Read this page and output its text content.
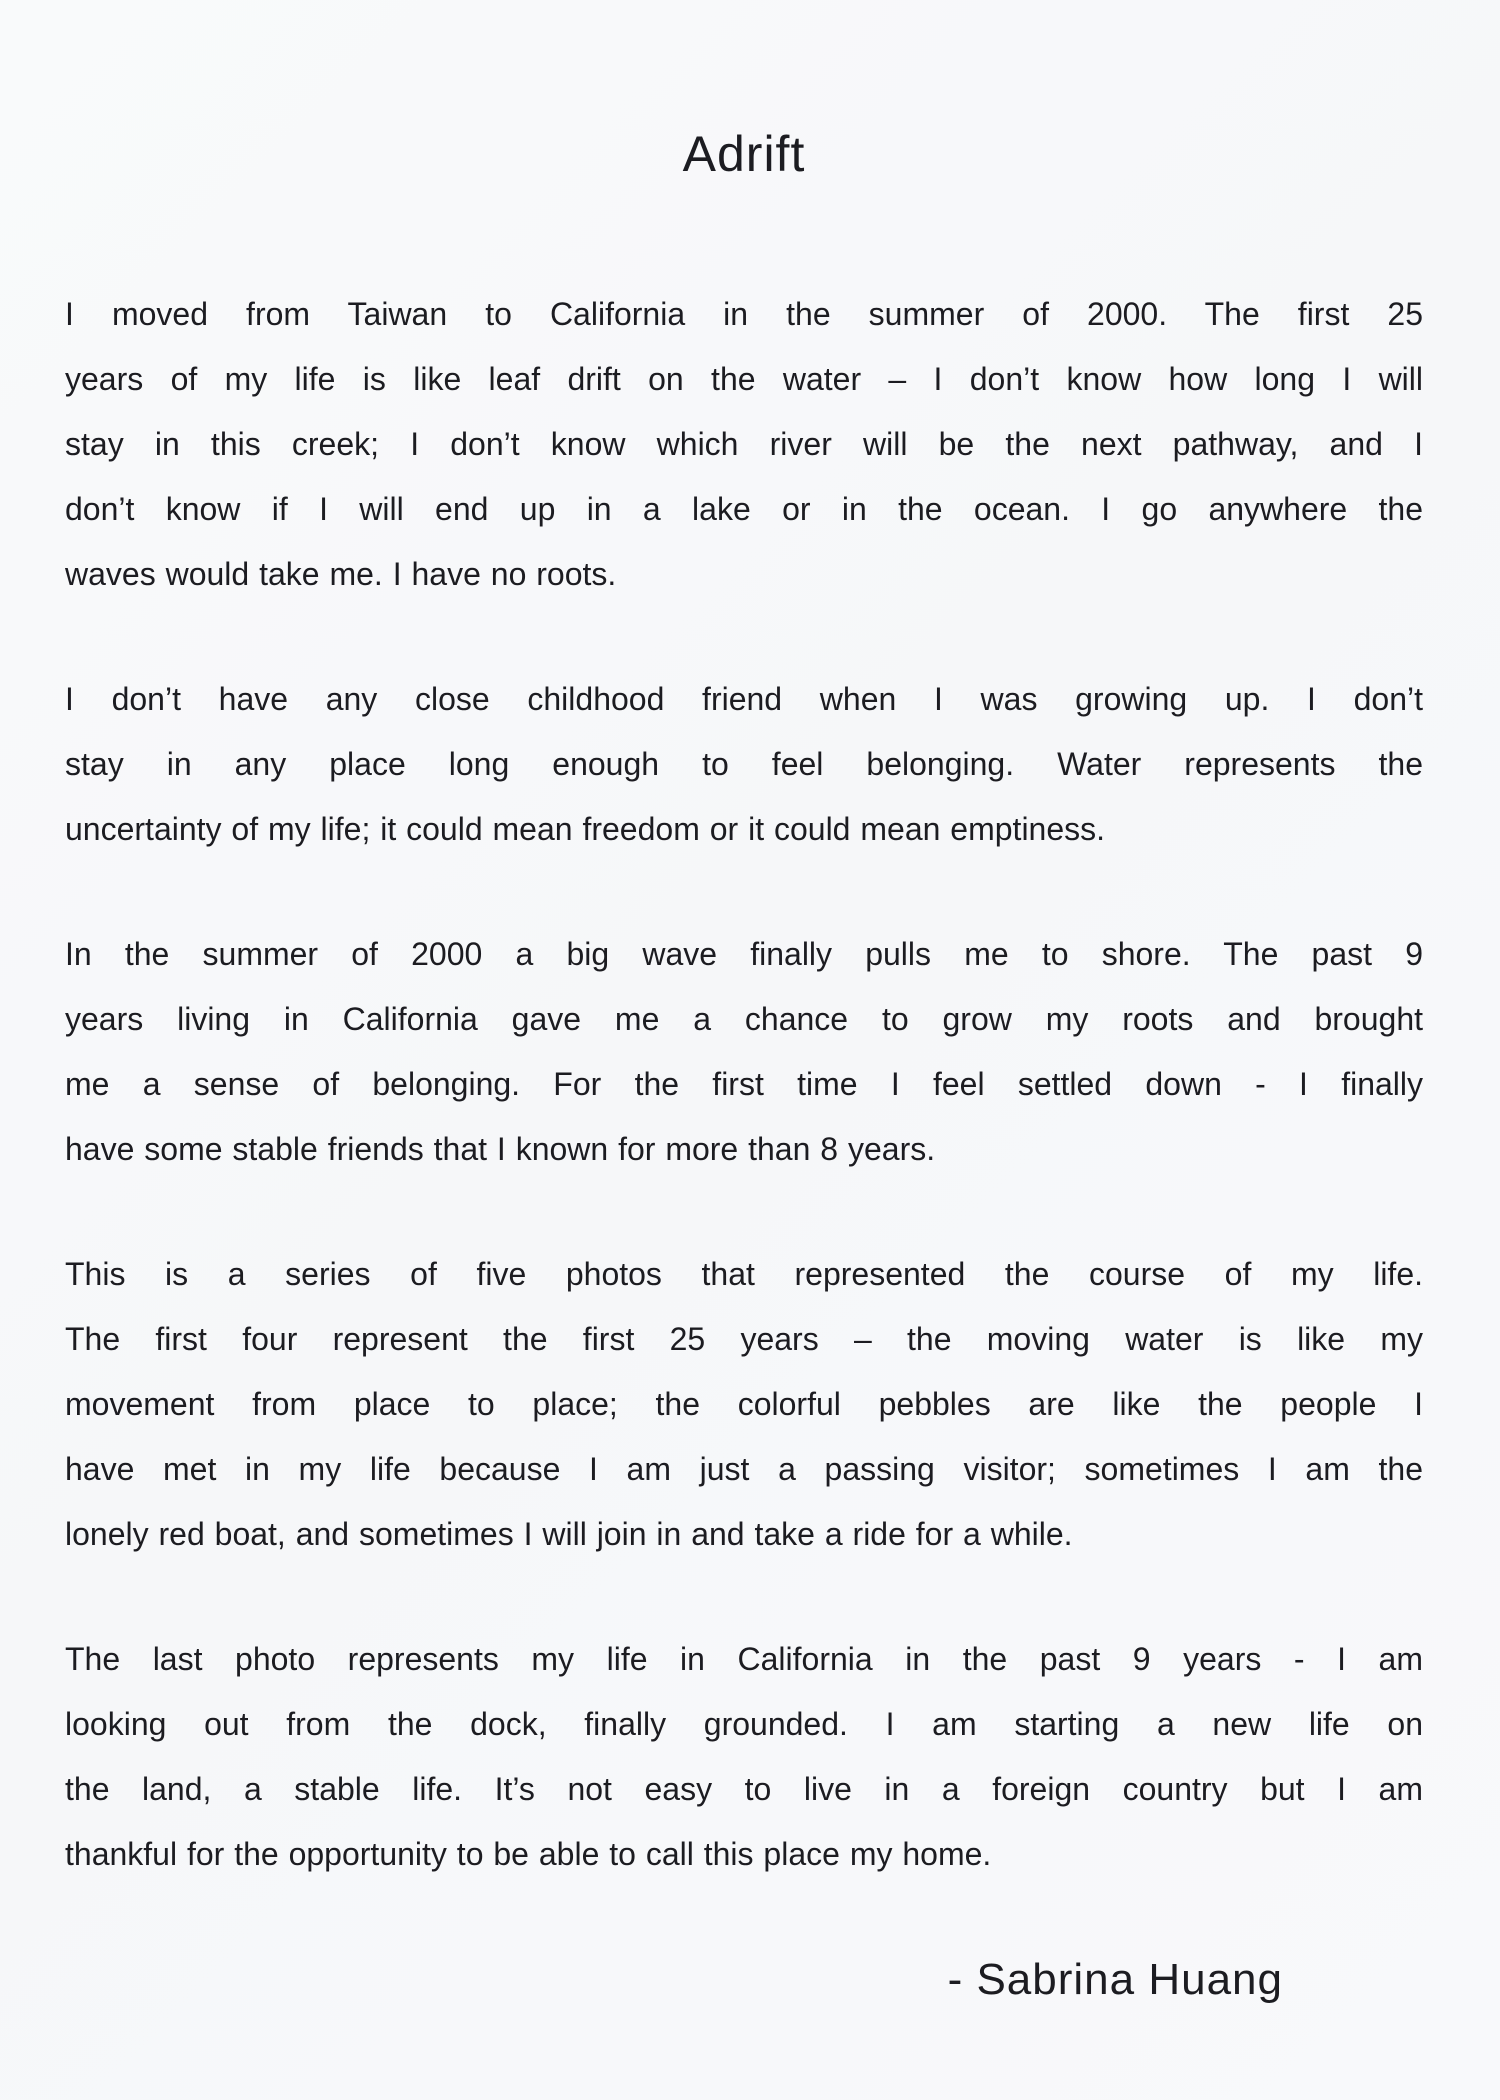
Adrift
I moved from Taiwan to California in the summer of 2000. The first 25
years of my life is like leaf drift on the water – I don’t know how long I will
stay in this creek; I don’t know which river will be the next pathway, and I
don’t know if I will end up in a lake or in the ocean. I go anywhere the
waves would take me. I have no roots.
I don’t have any close childhood friend when I was growing up. I don’t
stay in any place long enough to feel belonging. Water represents the
uncertainty of my life; it could mean freedom or it could mean emptiness.
In the summer of 2000 a big wave finally pulls me to shore. The past 9
years living in California gave me a chance to grow my roots and brought
me a sense of belonging. For the first time I feel settled down - I finally
have some stable friends that I known for more than 8 years.
This is a series of five photos that represented the course of my life.
The first four represent the first 25 years – the moving water is like my
movement from place to place; the colorful pebbles are like the people I
have met in my life because I am just a passing visitor; sometimes I am the
lonely red boat, and sometimes I will join in and take a ride for a while.
The last photo represents my life in California in the past 9 years - I am
looking out from the dock, finally grounded. I am starting a new life on
the land, a stable life. It’s not easy to live in a foreign country but I am
thankful for the opportunity to be able to call this place my home.
- Sabrina Huang
